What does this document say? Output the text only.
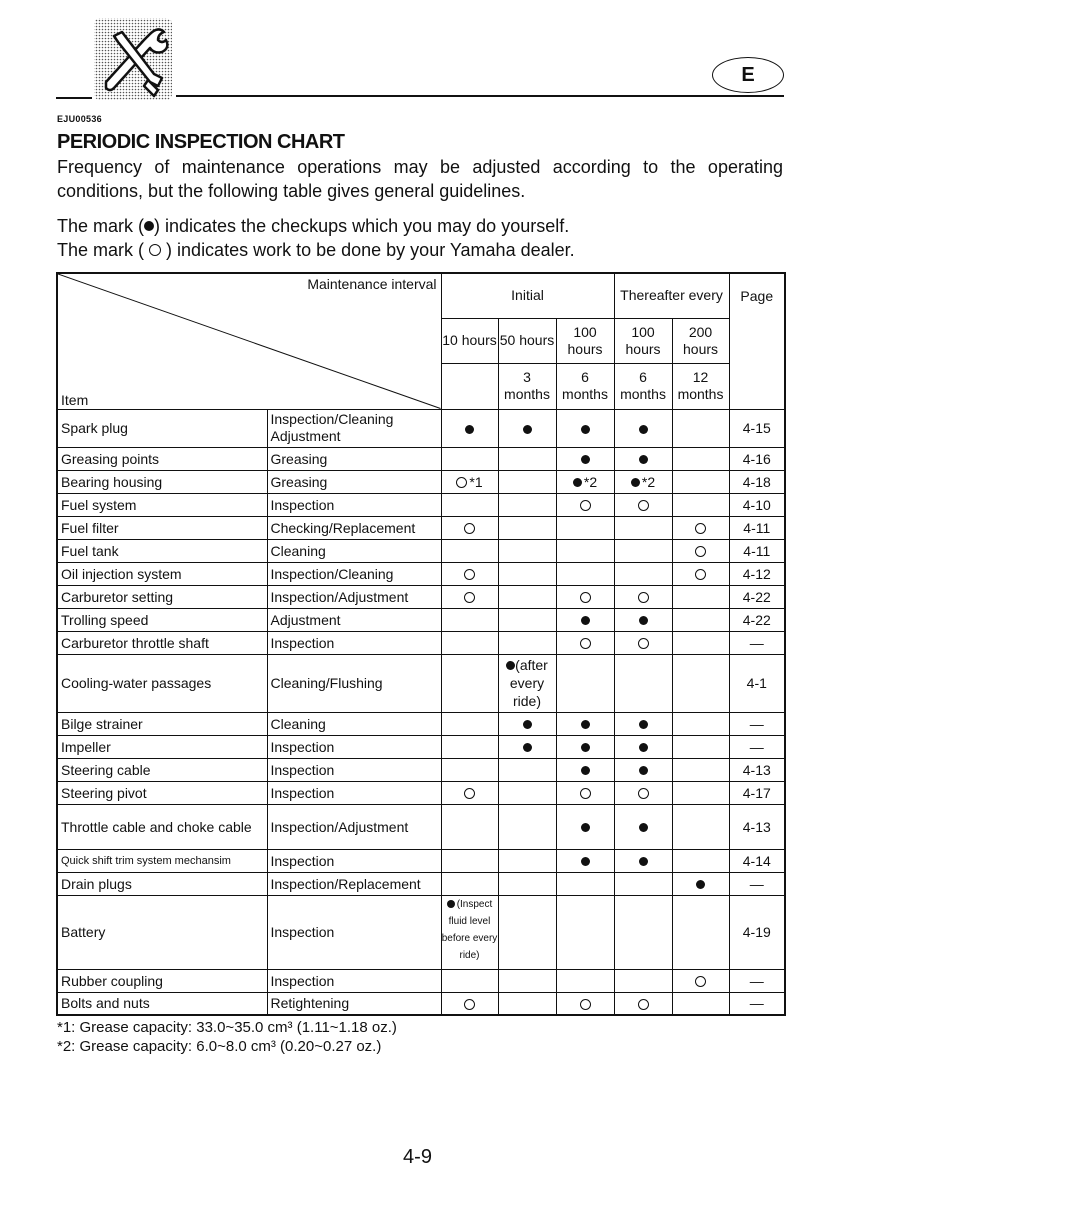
E
EJU00536
PERIODIC INSPECTION CHART

Frequency of maintenance operations may be adjusted according to the operating conditions, but the following table gives general guidelines.

The mark ( ) indicates the checkups which you may do yourself.

The mark ( ) indicates work to be done by your Yamaha dealer.

Maintenance interval
Item		Initial			Thereafter every		Page
		10 hours	50 hours	100 hours	100 hours	200 hours	
			3 months	6 months	6 months	12 months	
Spark plug	Inspection/Cleaning Adjustment						4-15
Greasing points	Greasing						4-16
Bearing housing	Greasing	*1		*2	*2		4-18
Fuel system	Inspection						4-10
Fuel filter	Checking/Replacement						4-11
Fuel tank	Cleaning						4-11
Oil injection system	Inspection/Cleaning						4-12
Carburetor setting	Inspection/Adjustment						4-22
Trolling speed	Adjustment						4-22
Carburetor throttle shaft	Inspection						—
Cooling-water passages	Cleaning/Flushing		(after every ride)				4-1
Bilge strainer	Cleaning						—
Impeller	Inspection						—
Steering cable	Inspection						4-13
Steering pivot	Inspection						4-17
Throttle cable and choke cable	Inspection/Adjustment						4-13
Quick shift trim system mechansim	Inspection						4-14
Drain plugs	Inspection/Replacement						—
Battery	Inspection	(Inspect fluid level before every ride)					4-19
Rubber coupling	Inspection						—
Bolts and nuts	Retightening						—
*1: Grease capacity: 33.0~35.0 cm³ (1.11~1.18 oz.)
*2: Grease capacity: 6.0~8.0 cm³ (0.20~0.27 oz.)
4-9
